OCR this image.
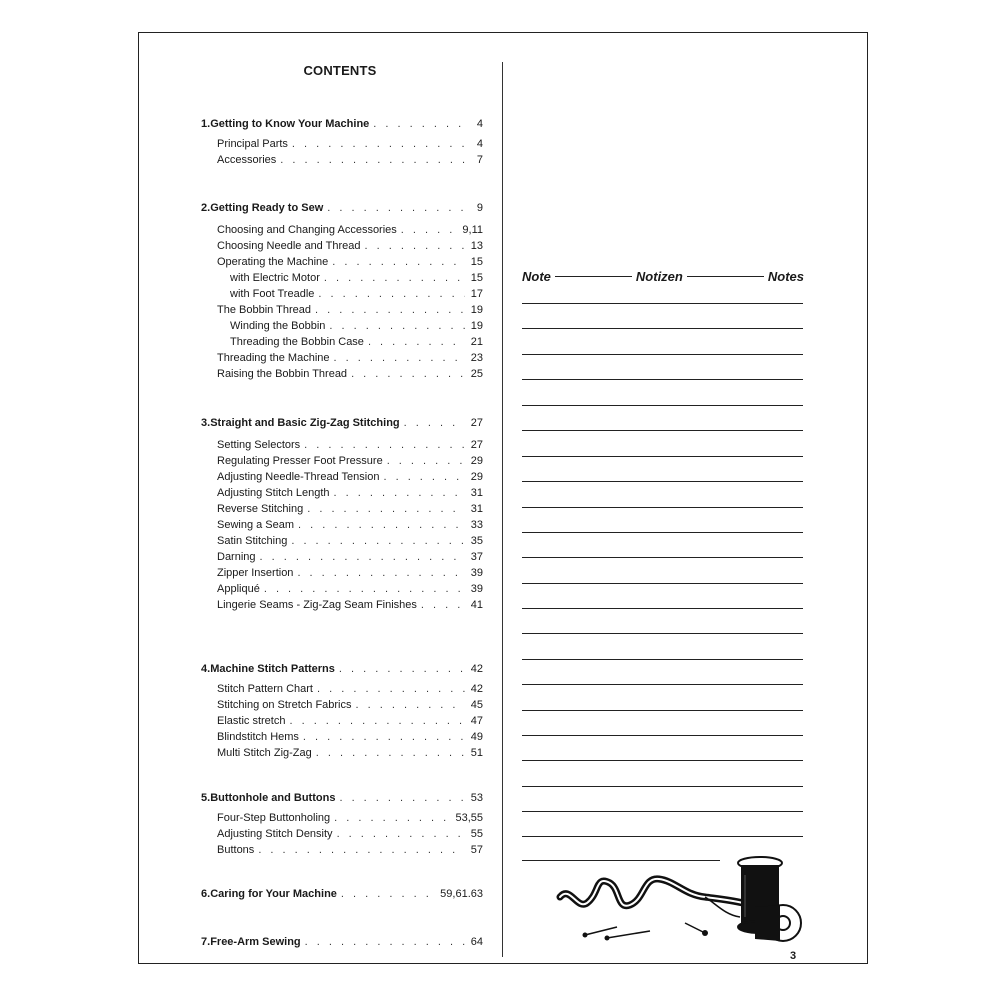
CONTENTS
1. Getting to Know Your Machine . . .	4
Principal Parts . . .	4
Accessories . . .	7
2. Getting Ready to Sew . . .	9
Choosing and Changing Accessories . . .	9,11
Choosing Needle and Thread . . .	13
Operating the Machine . . .	15
with Electric Motor . . .	15
with Foot Treadle . . .	17
The Bobbin Thread . . .	19
Winding the Bobbin . . .	19
Threading the Bobbin Case . . .	21
Threading the Machine . . .	23
Raising the Bobbin Thread . . .	25
3. Straight and Basic Zig-Zag Stitching . . .	27
Setting Selectors . . .	27
Regulating Presser Foot Pressure . . .	29
Adjusting Needle-Thread Tension . . .	29
Adjusting Stitch Length . . .	31
Reverse Stitching . . .	31
Sewing a Seam . . .	33
Satin Stitching . . .	35
Darning . . .	37
Zipper Insertion . . .	39
Appliqué . . .	39
Lingerie Seams - Zig-Zag Seam Finishes . . .	41
4. Machine Stitch Patterns . . .	42
Stitch Pattern Chart . . .	42
Stitching on Stretch Fabrics . . .	45
Elastic stretch . . .	47
Blindstitch Hems . . .	49
Multi Stitch Zig-Zag . . .	51
5. Buttonhole and Buttons . . .	53
Four-Step Buttonholing . . .	53,55
Adjusting Stitch Density . . .	55
Buttons . . .	57
6. Caring for Your Machine . . .	59,61.63
7. Free-Arm Sewing . . .	64
Note	Notizen	Notes
3
